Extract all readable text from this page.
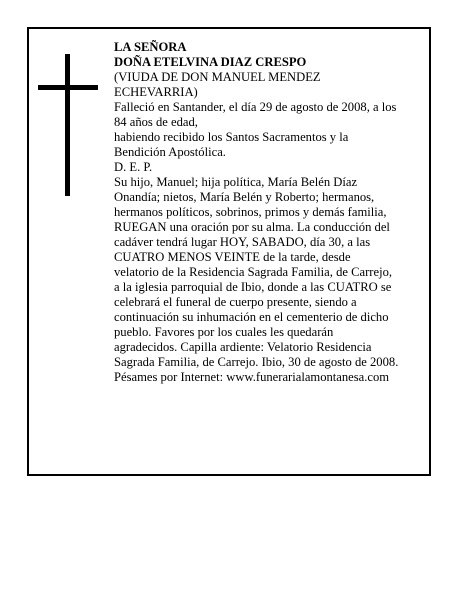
LA SEÑORA
DOÑA ETELVINA DIAZ CRESPO
(VIUDA DE DON MANUEL MENDEZ
ECHEVARRIA)
Falleció en Santander, el día 29 de agosto de 2008, a los
84 años de edad,
habiendo recibido los Santos Sacramentos y la
Bendición Apostólica.
D. E. P.
Su hijo, Manuel; hija política, María Belén Díaz
Onandía; nietos, María Belén y Roberto; hermanos,
hermanos políticos, sobrinos, primos y demás familia,
RUEGAN una oración por su alma. La conducción del
cadáver tendrá lugar HOY, SABADO, día 30, a las
CUATRO MENOS VEINTE de la tarde, desde
velatorio de la Residencia Sagrada Familia, de Carrejo,
a la iglesia parroquial de Ibio, donde a las CUATRO se
celebrará el funeral de cuerpo presente, siendo a
continuación su inhumación en el cementerio de dicho
pueblo. Favores por los cuales les quedarán
agradecidos. Capilla ardiente: Velatorio Residencia
Sagrada Familia, de Carrejo. Ibio, 30 de agosto de 2008.
Pésames por Internet: www.funerarialamontanesa.com
